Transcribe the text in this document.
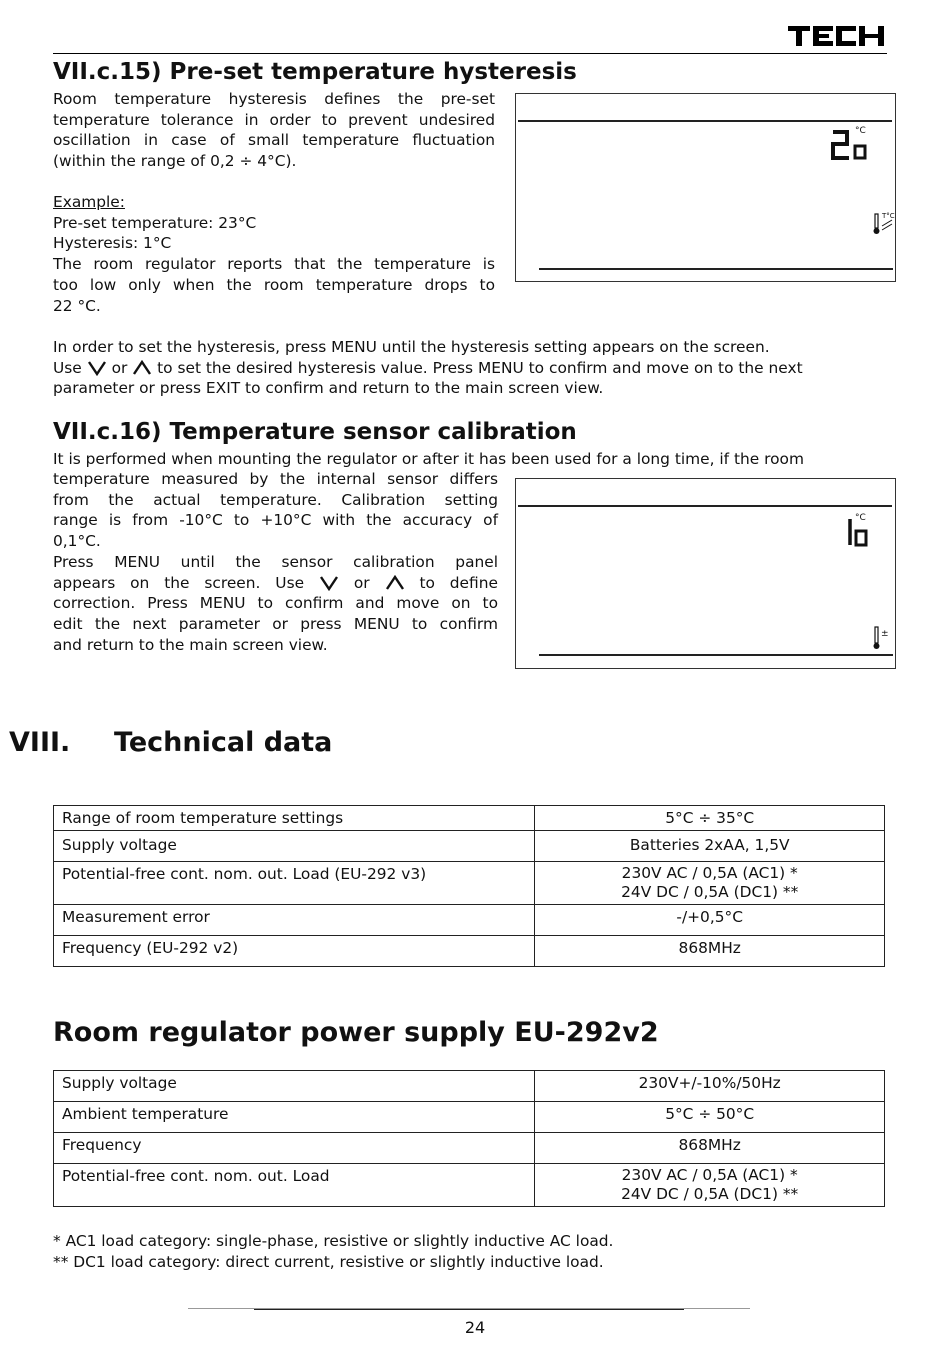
VII.c.15) Pre-set temperature hysteresis

Room temperature hysteresis defines the pre-set

temperature tolerance in order to prevent undesired

oscillation in case of small temperature fluctuation

(within the range of 0,2 ÷ 4°C).

Example:

Pre-set temperature: 23°C

Hysteresis: 1°C

The room regulator reports that the temperature is

too low only when the room temperature drops to

22 °C.

°C
T°C

In order to set the hysteresis, press MENU until the hysteresis setting appears on the screen.

Use or to set the desired hysteresis value. Press MENU to confirm and move on to the next

parameter or press EXIT to confirm and return to the main screen view.

VII.c.16) Temperature sensor calibration
It is performed when mounting the regulator or after it has been used for a long time, if the room

temperature measured by the internal sensor differs

from the actual temperature. Calibration setting

range is from -10°C to +10°C with the accuracy of

0,1°C.

Press MENU until the sensor calibration panel

appears on the screen. Use	or	to define

correction. Press MENU to confirm and move on to

edit the next parameter or press MENU to confirm

and return to the main screen view.

°C
±
VIII. Technical data
Range of room temperature settings	5°C ÷ 35°C
Supply voltage	Batteries 2xAA, 1,5V
Potential-free cont. nom. out. Load (EU-292 v3)	230V AC / 0,5A (AC1) *
24V DC / 0,5A (DC1) **
Measurement error	-/+0,5°C
Frequency (EU-292 v2)	868MHz
Room regulator power supply EU-292v2
Supply voltage	230V+/-10%/50Hz
Ambient temperature	5°C ÷ 50°C
Frequency	868MHz
Potential-free cont. nom. out. Load	230V AC / 0,5A (AC1) *
24V DC / 0,5A (DC1) **

* AC1 load category: single-phase, resistive or slightly inductive AC load.

** DC1 load category: direct current, resistive or slightly inductive load.

24
